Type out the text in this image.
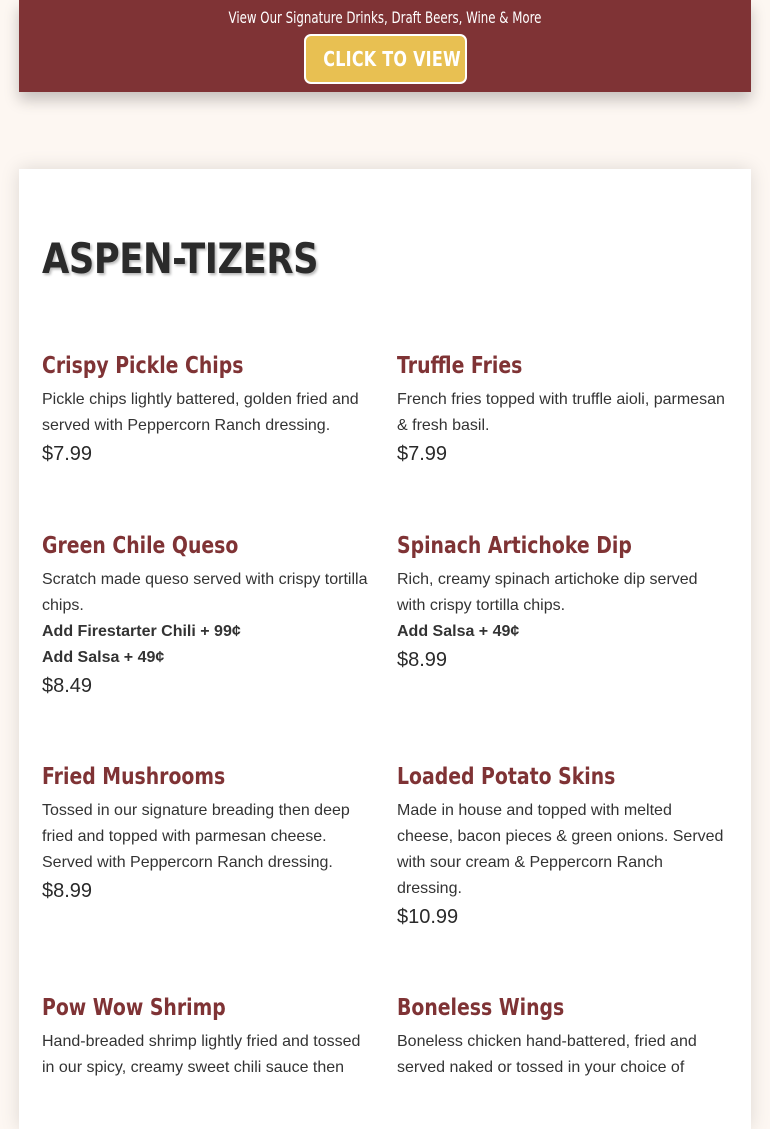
View Our Signature Drinks, Draft Beers, Wine & More
CLICK TO VIEW
ASPEN-TIZERS
Crispy Pickle Chips

Pickle chips lightly battered, golden fried and served with Peppercorn Ranch dressing.

$7.99

Truffle Fries

French fries topped with truffle aioli, parmesan & fresh basil.

$7.99

Green Chile Queso

Scratch made queso served with crispy tortilla chips.

Add Firestarter Chili + 99¢

Add Salsa + 49¢

$8.49

Spinach Artichoke Dip

Rich, creamy spinach artichoke dip served with crispy tortilla chips.

Add Salsa + 49¢

$8.99

Fried Mushrooms

Tossed in our signature breading then deep fried and topped with parmesan cheese. Served with Peppercorn Ranch dressing.

$8.99

Loaded Potato Skins

Made in house and topped with melted cheese, bacon pieces & green onions. Served with sour cream & Peppercorn Ranch dressing.

$10.99

Pow Wow Shrimp

Hand-breaded shrimp lightly fried and tossed in our spicy, creamy sweet chili sauce then

Boneless Wings

Boneless chicken hand-battered, fried and served naked or tossed in your choice of
